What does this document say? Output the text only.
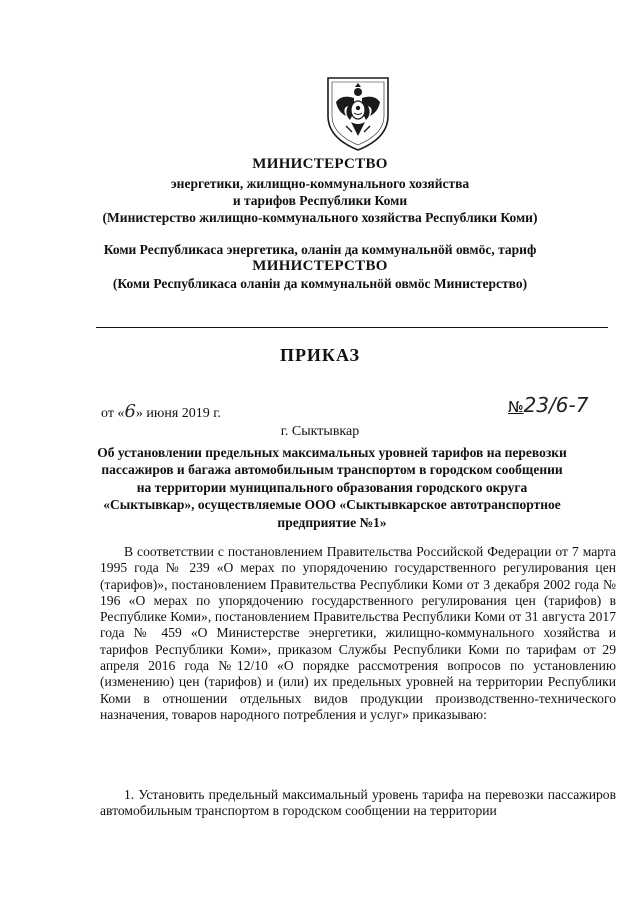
МИНИСТЕРСТВО
энергетики, жилищно-коммунального хозяйства
и тарифов Республики Коми
(Министерство жилищно-коммунального хозяйства Республики Коми)
Коми Республикаса энергетика, оланiн да коммунальнӧй овмӧс, тариф
МИНИСТЕРСТВО
(Коми Республикаса оланiн да коммунальнӧй овмӧс Министерство)
ПРИКАЗ
от «6» июня 2019 г.	№23/6-7
г. Сыктывкар
Об установлении предельных максимальных уровней тарифов на перевозки пассажиров и багажа автомобильным транспортом в городском сообщении на территории муниципального образования городского округа «Сыктывкар», осуществляемые ООО «Сыктывкарское автотранспортное предприятие №1»
В соответствии с постановлением Правительства Российской Федерации от 7 марта 1995 года № 239 «О мерах по упорядочению государственного регулирования цен (тарифов)», постановлением Правительства Республики Коми от 3 декабря 2002 года № 196 «О мерах по упорядочению государственного регулирования цен (тарифов) в Республике Коми», постановлением Правительства Республики Коми от 31 августа 2017 года № 459 «О Министерстве энергетики, жилищно-коммунального хозяйства и тарифов Республики Коми», приказом Службы Республики Коми по тарифам от 29 апреля 2016 года №12/10 «О порядке рассмотрения вопросов по установлению (изменению) цен (тарифов) и (или) их предельных уровней на территории Республики Коми в отношении отдельных видов продукции производственно-технического назначения, товаров народного потребления и услуг» приказываю:
1. Установить предельный максимальный уровень тарифа на перевозки пассажиров автомобильным транспортом в городском сообщении на территории
